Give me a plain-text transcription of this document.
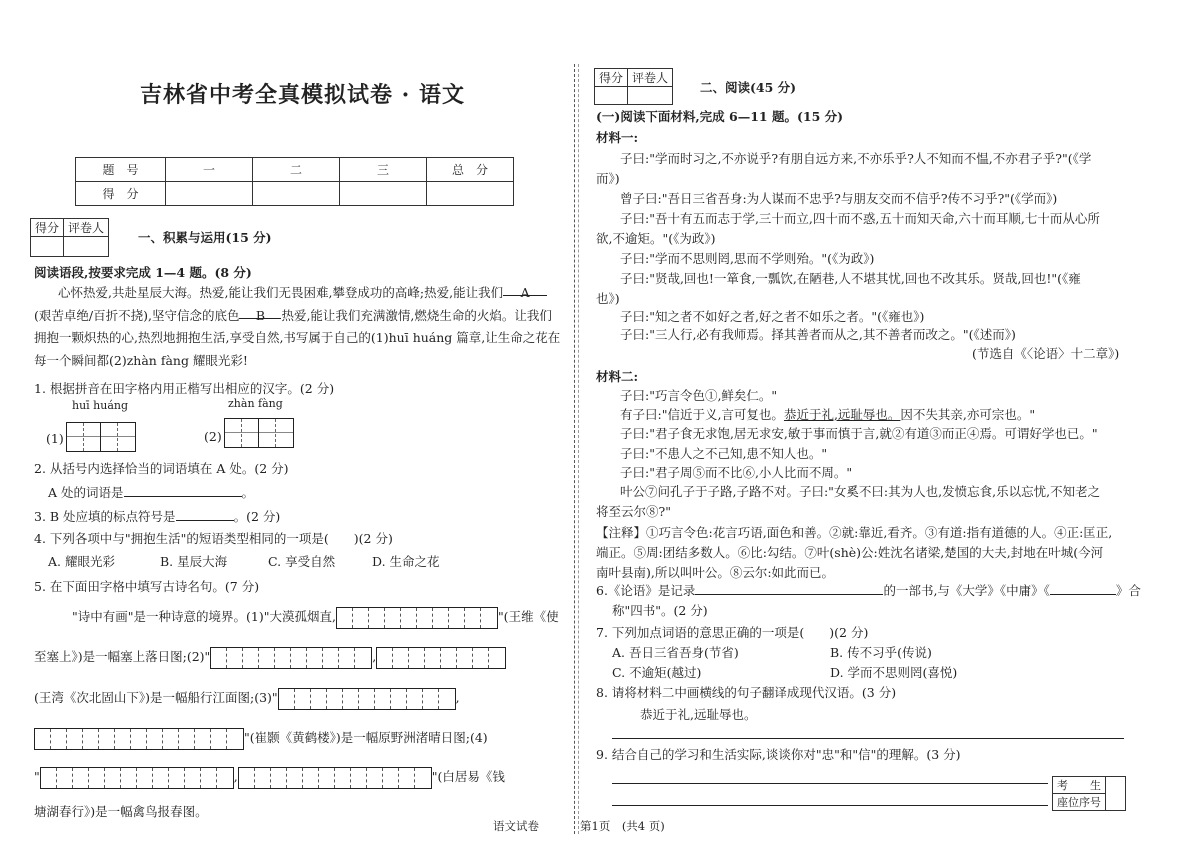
吉林省中考全真模拟试卷 · 语文
题　号	一	二	三	总　分
得　分				
得分	评卷人

一、积累与运用(15 分)
阅读语段,按要求完成 1—4 题。(8 分)
心怀热爱,共赴星辰大海。热爱,能让我们无畏困难,攀登成功的高峰;热爱,能让我们 A
(艰苦卓绝/百折不挠),坚守信念的底色 B 热爱,能让我们充满激情,燃烧生命的火焰。让我们
拥抱一颗炽热的心,热烈地拥抱生活,享受自然,书写属于自己的(1)huī huáng 篇章,让生命之花在
每一个瞬间都(2)zhàn fàng 耀眼光彩!
1. 根据拼音在田字格内用正楷写出相应的汉字。(2 分)
huī huáng	zhàn fàng
(1)	(2)
2. 从括号内选择恰当的词语填在 A 处。(2 分)
A 处的词语是	。
3. B 处应填的标点符号是	。(2 分)
4. 下列各项中与"拥抱生活"的短语类型相同的一项是(　　)(2 分)
A. 耀眼光彩	B. 星辰大海	C. 享受自然	D. 生命之花
5. 在下面田字格中填写古诗名句。(7 分)
"诗中有画"是一种诗意的境界。(1)"大漠孤烟直,	"(王维《使
至塞上》)是一幅塞上落日图;(2)"	,
(王湾《次北固山下》)是一幅船行江面图;(3)"	,
"(崔颢《黄鹤楼》)是一幅原野洲渚晴日图;(4)
"	,	"(白居易《钱
塘湖春行》)是一幅禽鸟报春图。
得分	评卷人

二、阅读(45 分)
(一)阅读下面材料,完成 6—11 题。(15 分)
材料一:
子曰:"学而时习之,不亦说乎?有朋自远方来,不亦乐乎?人不知而不愠,不亦君子乎?"(《学
而》)
曾子曰:"吾日三省吾身:为人谋而不忠乎?与朋友交而不信乎?传不习乎?"(《学而》)
子曰:"吾十有五而志于学,三十而立,四十而不惑,五十而知天命,六十而耳顺,七十而从心所
欲,不逾矩。"(《为政》)
子曰:"学而不思则罔,思而不学则殆。"(《为政》)
子曰:"贤哉,回也!一箪食,一瓢饮,在陋巷,人不堪其忧,回也不改其乐。贤哉,回也!"(《雍
也》)
子曰:"知之者不如好之者,好之者不如乐之者。"(《雍也》)
子曰:"三人行,必有我师焉。择其善者而从之,其不善者而改之。"(《述而》)
(节选自《〈论语〉十二章》)
材料二:
子曰:"巧言令色①,鲜矣仁。"
有子曰:"信近于义,言可复也。恭近于礼,远耻辱也。因不失其亲,亦可宗也。"
子曰:"君子食无求饱,居无求安,敏于事而慎于言,就②有道③而正④焉。可谓好学也已。"
子曰:"不患人之不己知,患不知人也。"
子曰:"君子周⑤而不比⑥,小人比而不周。"
叶公⑦问孔子于子路,子路不对。子曰:"女奚不曰:其为人也,发愤忘食,乐以忘忧,不知老之
将至云尔⑧?"
【注释】①巧言令色:花言巧语,面色和善。②就:靠近,看齐。③有道:指有道德的人。④正:匡正,
端正。⑤周:团结多数人。⑥比:勾结。⑦叶(shè)公:姓沈名诸梁,楚国的大夫,封地在叶城(今河
南叶县南),所以叫叶公。⑧云尔:如此而已。
6.《论语》是记录	的一部书,与《大学》《中庸》《	》合
称"四书"。(2 分)
7. 下列加点词语的意思正确的一项是(　　)(2 分)
A. 吾日三省吾身(节省)	B. 传不习乎(传说)
C. 不逾矩(越过)	D. 学而不思则罔(喜悦)
8. 请将材料二中画横线的句子翻译成现代汉语。(3 分)
恭近于礼,远耻辱也。
9. 结合自己的学习和生活实际,谈谈你对"忠"和"信"的理解。(3 分)
考　　生	
座位序号
语文试卷	第1页　(共4 页)
